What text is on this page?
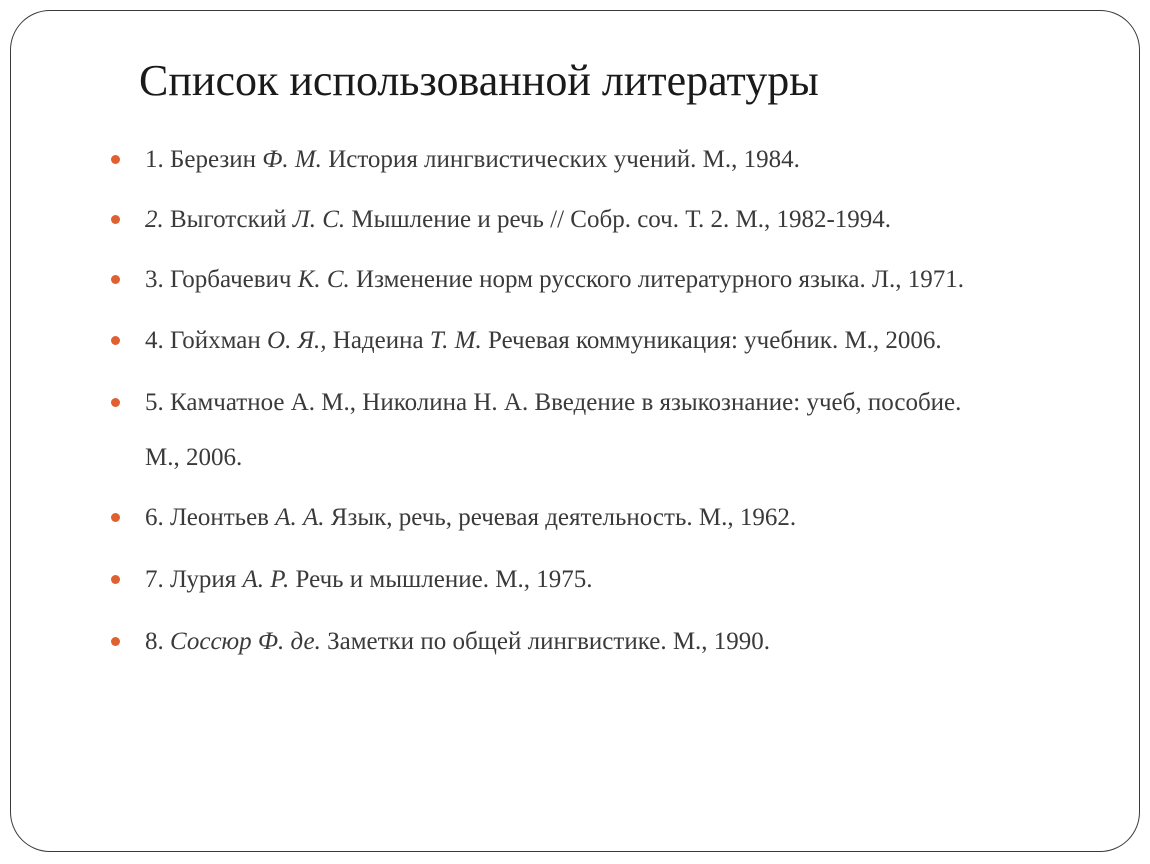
Список использованной литературы
1. Березин Ф. М. История лингвистических учений. М., 1984.
2. Выготский Л. С. Мышление и речь // Собр. соч. Т. 2. М., 1982-1994.
3. Горбачевич К. С. Изменение норм русского литературного языка. Л., 1971.
4. Гойхман О. Я., Надеина Т. М. Речевая коммуникация: учебник. М., 2006.
5. Камчатное А. М., Николина Н. А. Введение в языкознание: учеб, пособие.
М., 2006.
6. Леонтьев А. А. Язык, речь, речевая деятельность. М., 1962.
7. Лурия А. Р. Речь и мышление. М., 1975.
8. Соссюр Ф. де. Заметки по общей лингвистике. М., 1990.
